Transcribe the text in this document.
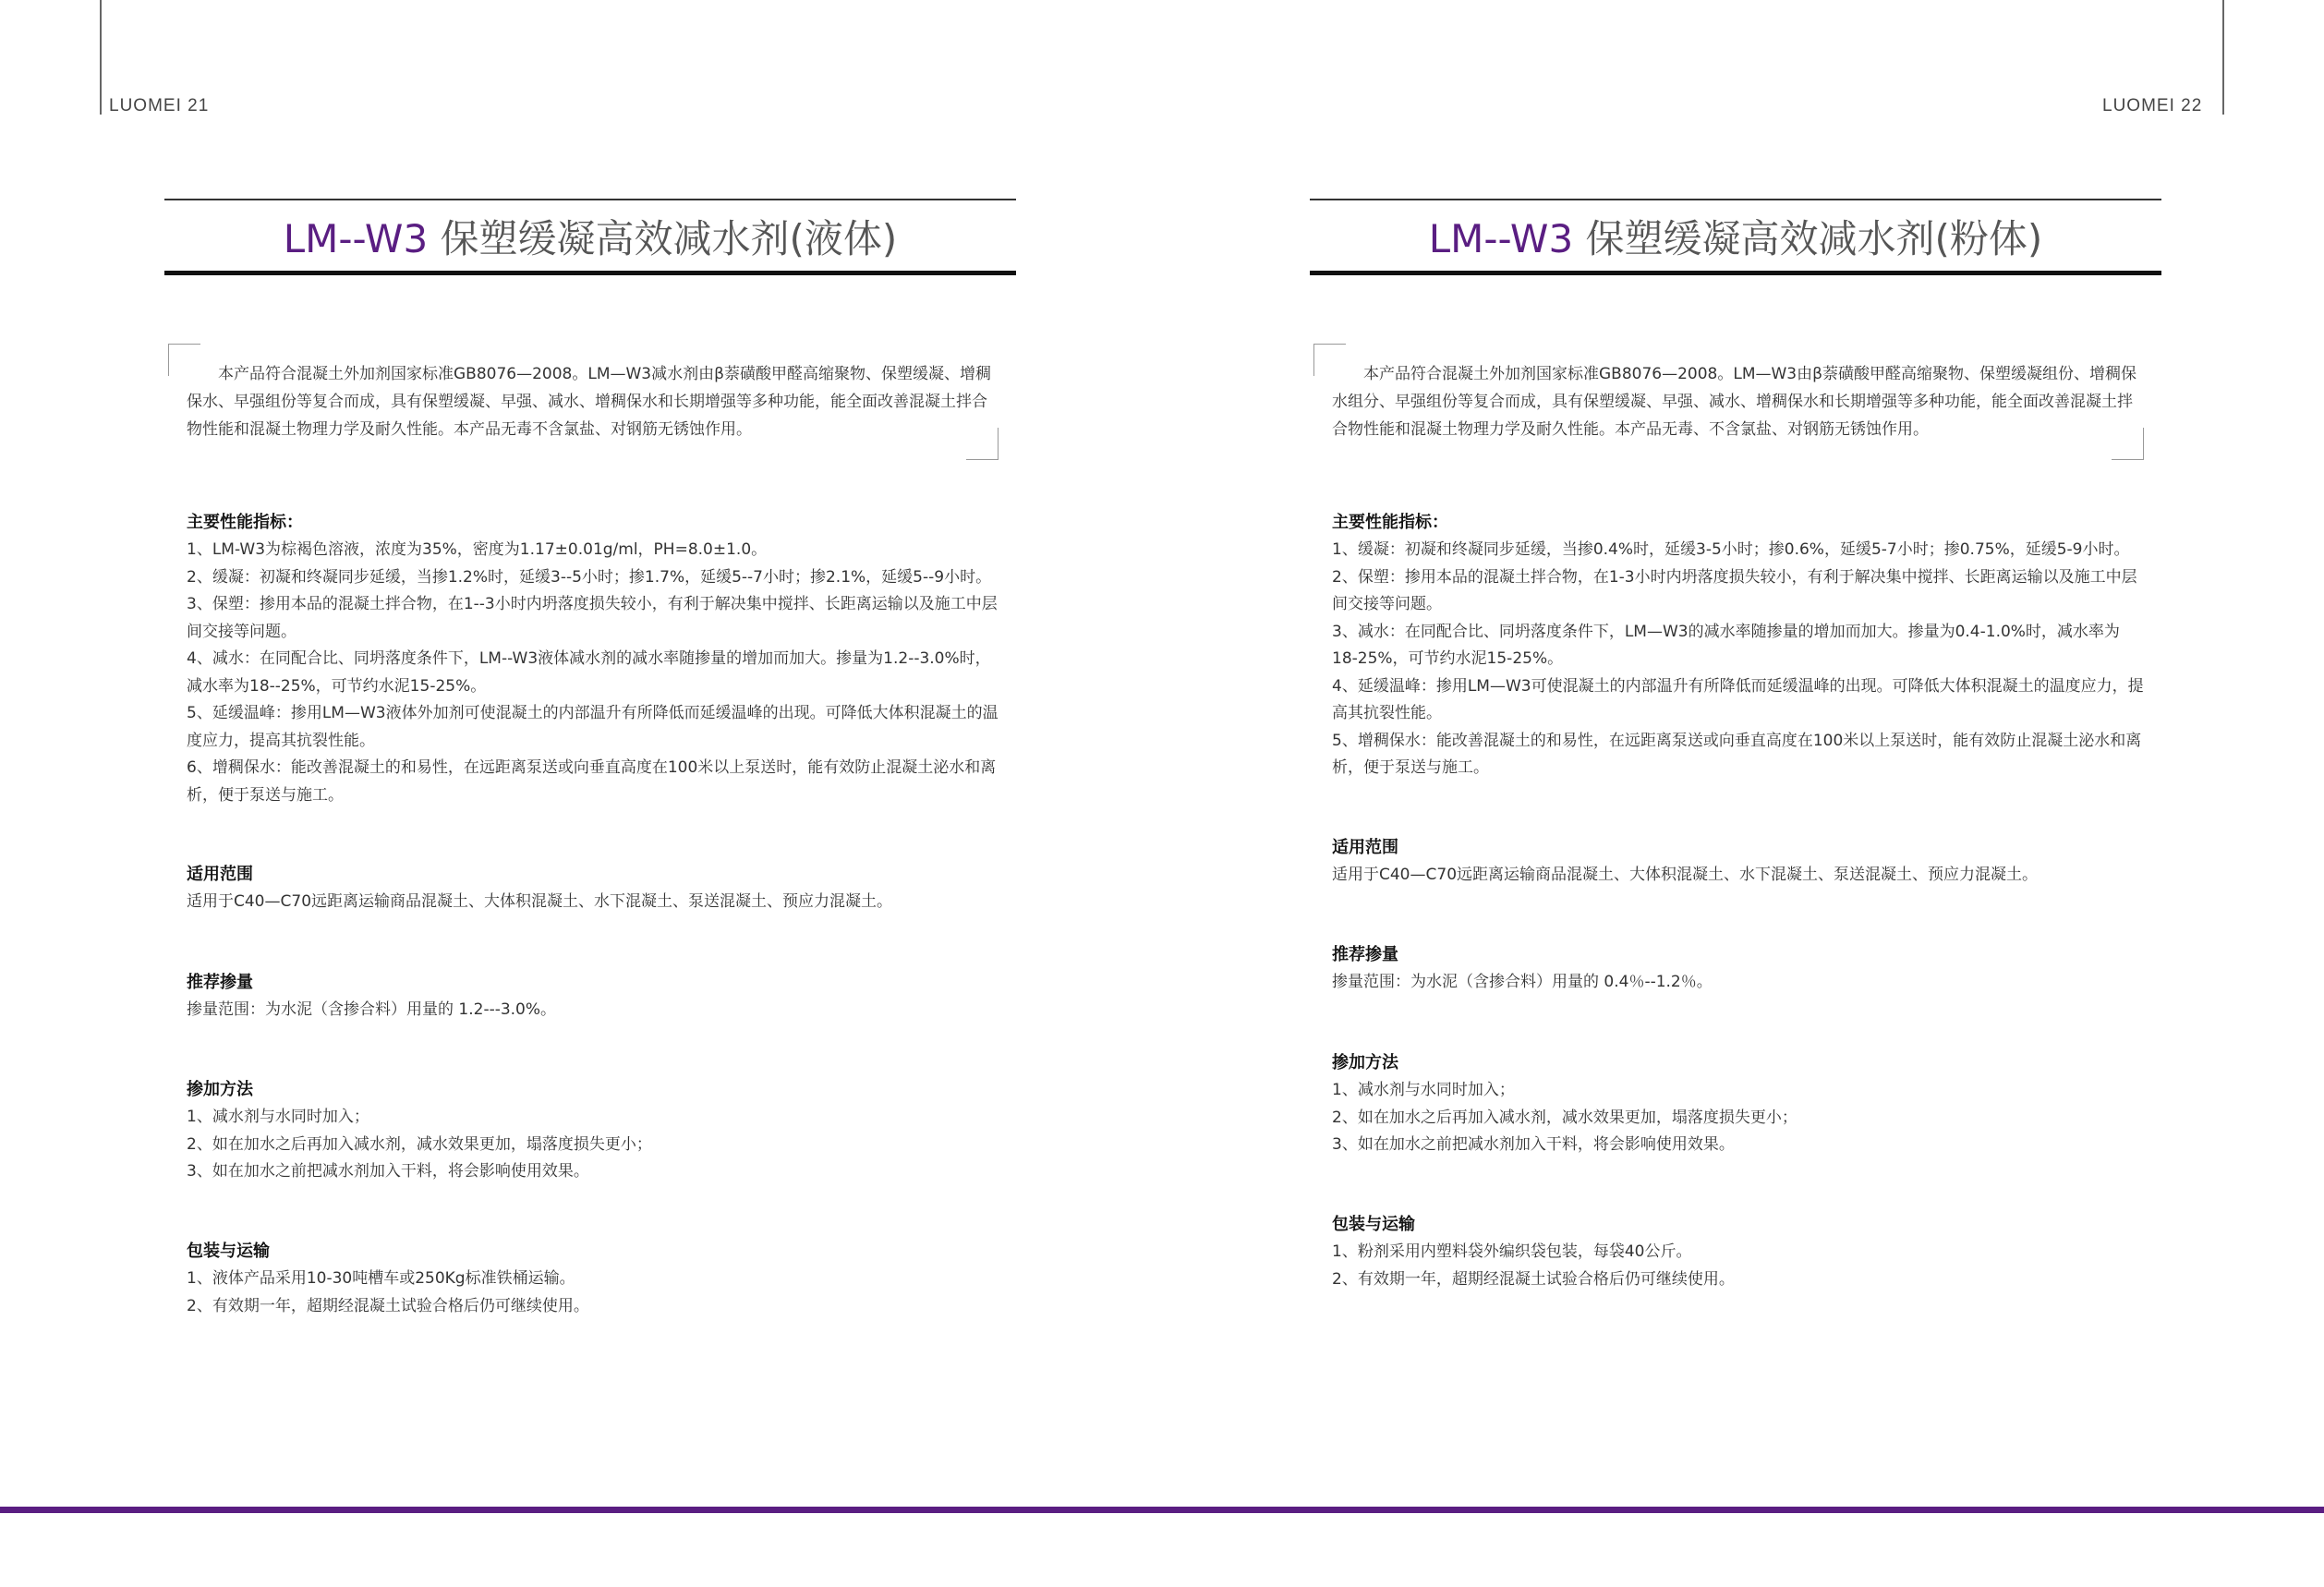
LUOMEI 21	LUOMEI 22
LM--W3 保塑缓凝高效减水剂(液体)
本产品符合混凝土外加剂国家标准GB8076—2008。LM—W3减水剂由β萘磺酸甲醛高缩聚物、保塑缓凝、增稠保水、早强组份等复合而成，具有保塑缓凝、早强、减水、增稠保水和长期增强等多种功能，能全面改善混凝土拌合物性能和混凝土物理力学及耐久性能。本产品无毒不含氯盐、对钢筋无锈蚀作用。
主要性能指标：
1、LM-W3为棕褐色溶液，浓度为35%，密度为1.17±0.01g/ml，PH=8.0±1.0。
2、缓凝：初凝和终凝同步延缓，当掺1.2%时，延缓3--5小时；掺1.7%，延缓5--7小时；掺2.1%，延缓5--9小时。
3、保塑：掺用本品的混凝土拌合物，在1--3小时内坍落度损失较小，有利于解决集中搅拌、长距离运输以及施工中层间交接等问题。
4、减水：在同配合比、同坍落度条件下，LM--W3液体减水剂的减水率随掺量的增加而加大。掺量为1.2--3.0%时，减水率为18--25%，可节约水泥15-25%。
5、延缓温峰：掺用LM—W3液体外加剂可使混凝土的内部温升有所降低而延缓温峰的出现。可降低大体积混凝土的温度应力，提高其抗裂性能。
6、增稠保水：能改善混凝土的和易性，在远距离泵送或向垂直高度在100米以上泵送时，能有效防止混凝土泌水和离析，便于泵送与施工。
适用范围
适用于C40—C70远距离运输商品混凝土、大体积混凝土、水下混凝土、泵送混凝土、预应力混凝土。
推荐掺量
掺量范围：为水泥（含掺合料）用量的 1.2---3.0%。
掺加方法
1、减水剂与水同时加入；
2、如在加水之后再加入减水剂，减水效果更加，塌落度损失更小；
3、如在加水之前把减水剂加入干料，将会影响使用效果。
包装与运输
1、液体产品采用10-30吨槽车或250Kg标准铁桶运输。
2、有效期一年，超期经混凝土试验合格后仍可继续使用。
LM--W3 保塑缓凝高效减水剂(粉体)
本产品符合混凝土外加剂国家标准GB8076—2008。LM—W3由β萘磺酸甲醛高缩聚物、保塑缓凝组份、增稠保水组分、早强组份等复合而成，具有保塑缓凝、早强、减水、增稠保水和长期增强等多种功能，能全面改善混凝土拌合物性能和混凝土物理力学及耐久性能。本产品无毒、不含氯盐、对钢筋无锈蚀作用。
主要性能指标：
1、缓凝：初凝和终凝同步延缓，当掺0.4%时，延缓3-5小时；掺0.6%，延缓5-7小时；掺0.75%，延缓5-9小时。
2、保塑：掺用本品的混凝土拌合物，在1-3小时内坍落度损失较小，有利于解决集中搅拌、长距离运输以及施工中层间交接等问题。
3、减水：在同配合比、同坍落度条件下，LM—W3的减水率随掺量的增加而加大。掺量为0.4-1.0%时，减水率为18-25%，可节约水泥15-25%。
4、延缓温峰：掺用LM—W3可使混凝土的内部温升有所降低而延缓温峰的出现。可降低大体积混凝土的温度应力，提高其抗裂性能。
5、增稠保水：能改善混凝土的和易性，在远距离泵送或向垂直高度在100米以上泵送时，能有效防止混凝土泌水和离析，便于泵送与施工。
适用范围
适用于C40—C70远距离运输商品混凝土、大体积混凝土、水下混凝土、泵送混凝土、预应力混凝土。
推荐掺量
掺量范围：为水泥（含掺合料）用量的 0.4％--1.2％。
掺加方法
1、减水剂与水同时加入；
2、如在加水之后再加入减水剂，减水效果更加，塌落度损失更小；
3、如在加水之前把减水剂加入干料，将会影响使用效果。
包装与运输
1、粉剂采用内塑料袋外编织袋包装，每袋40公斤。
2、有效期一年，超期经混凝土试验合格后仍可继续使用。
